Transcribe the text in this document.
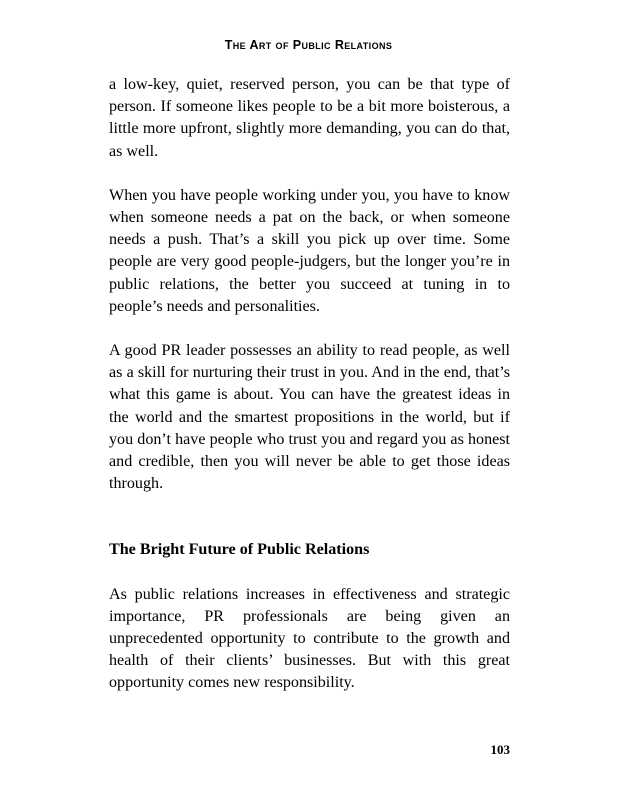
The Art of Public Relations

a low-key, quiet, reserved person, you can be that type of person. If someone likes people to be a bit more boisterous, a little more upfront, slightly more demanding, you can do that, as well.

When you have people working under you, you have to know when someone needs a pat on the back, or when someone needs a push. That’s a skill you pick up over time. Some people are very good people-judgers, but the longer you’re in public relations, the better you succeed at tuning in to people’s needs and personalities.

A good PR leader possesses an ability to read people, as well as a skill for nurturing their trust in you. And in the end, that’s what this game is about. You can have the greatest ideas in the world and the smartest propositions in the world, but if you don’t have people who trust you and regard you as honest and credible, then you will never be able to get those ideas through.

The Bright Future of Public Relations

As public relations increases in effectiveness and strategic importance, PR professionals are being given an unprecedented opportunity to contribute to the growth and health of their clients’ businesses. But with this great opportunity comes new responsibility.

103
